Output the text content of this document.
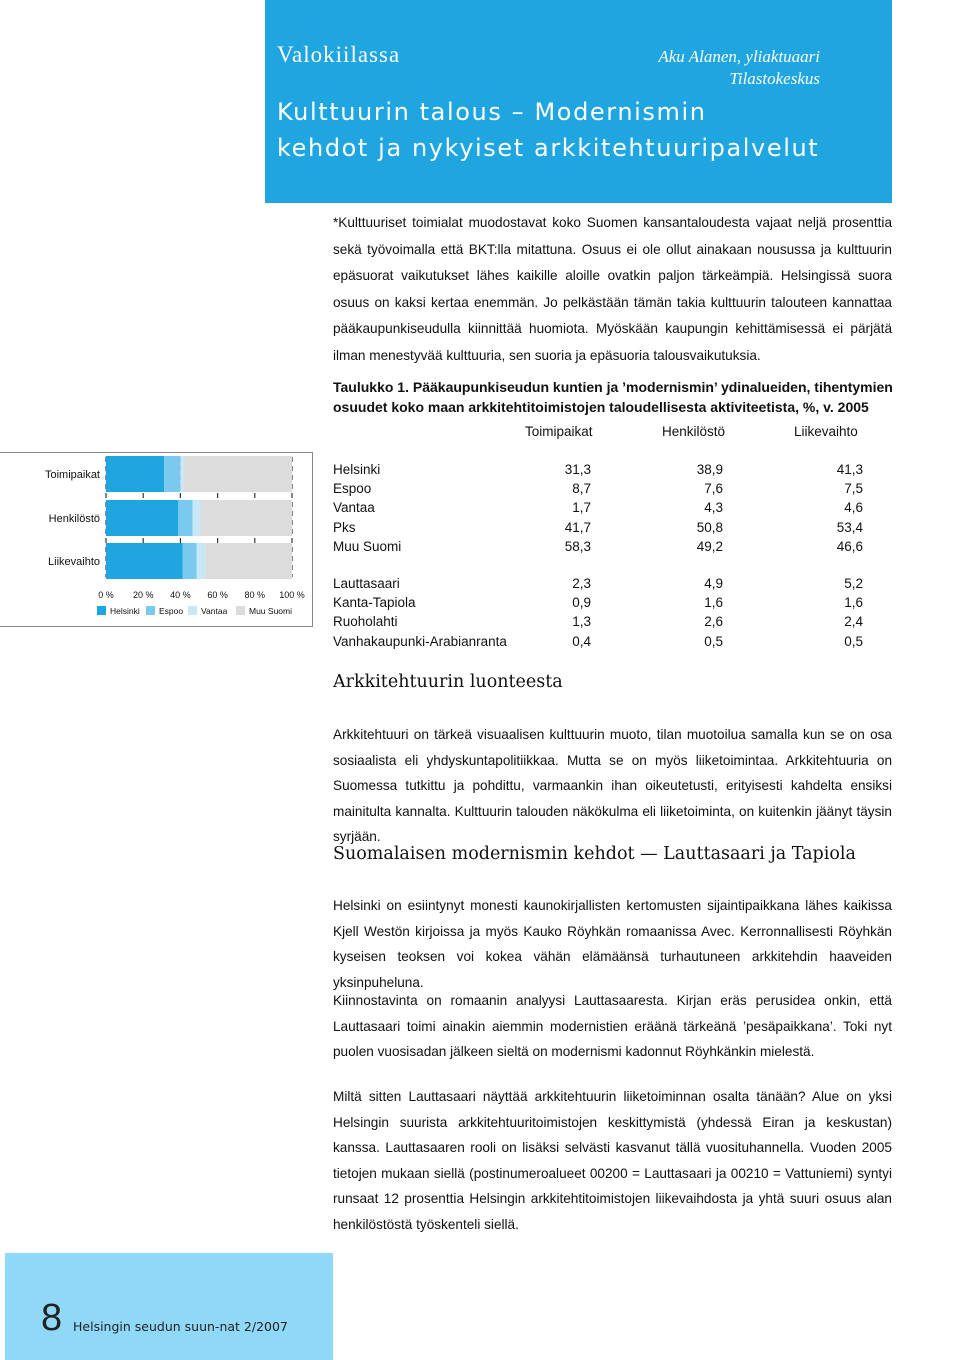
Valokiilassa	Aku Alanen, yliaktuaari
Tilastokeskus
Kulttuurin talous – Modernismin
kehdot ja nykyiset arkkitehtuuripalvelut
*Kulttuuriset toimialat muodostavat koko Suomen kansantaloudesta vajaat neljä prosenttia sekä työvoimalla että BKT:lla mitattuna. Osuus ei ole ollut ainakaan nousussa ja kulttuurin epäsuorat vaikutukset lähes kaikille aloille ovatkin paljon tärkeämpiä. Helsingissä suora osuus on kaksi kertaa enemmän. Jo pelkästään tämän takia kulttuurin talouteen kannattaa pääkaupunkiseudulla kiinnittää huomiota. Myöskään kaupungin kehittämisessä ei pärjätä ilman menestyvää kulttuuria, sen suoria ja epäsuoria talousvaikutuksia.
Taulukko 1. Pääkaupunkiseudun kuntien ja ’modernismin’ ydinalueiden, tihentymien osuudet koko maan arkkitehtitoimistojen taloudellisesta aktiviteetista, %, v. 2005
Toimipaikat	Henkilöstö	Liikevaihto
Helsinki	31,3	38,9	41,3
Espoo	8,7	7,6	7,5
Vantaa	1,7	4,3	4,6
Pks	41,7	50,8	53,4
Muu Suomi	58,3	49,2	46,6
Lauttasaari	2,3	4,9	5,2
Kanta-Tapiola	0,9	1,6	1,6
Ruoholahti	1,3	2,6	2,4
Vanhakaupunki-Arabianranta	0,4	0,5	0,5
Toimipaikat
Henkilöstö
Liikevaihto
0 % 20 % 40 % 60 % 80 % 100 %
Helsinki Espoo Vantaa	Muu Suomi
Arkkitehtuurin luonteesta
Arkkitehtuuri on tärkeä visuaalisen kulttuurin muoto, tilan muotoilua samalla kun se on osa sosiaalista eli yhdyskuntapolitiikkaa. Mutta se on myös liiketoimintaa. Arkkitehtuuria on Suomessa tutkittu ja pohdittu, varmaankin ihan oikeutetusti, erityisesti kahdelta ensiksi mainitulta kannalta. Kulttuurin talouden näkökulma eli liiketoiminta, on kuitenkin jäänyt täysin syrjään.
Suomalaisen modernismin kehdot — Lauttasaari ja Tapiola
Helsinki on esiintynyt monesti kaunokirjallisten kertomusten sijaintipaikkana lähes kaikissa Kjell Westön kirjoissa ja myös Kauko Röyhkän romaanissa Avec. Kerronnallisesti Röyhkän kyseisen teoksen voi kokea vähän elämäänsä turhautuneen arkkitehdin haaveiden yksinpuheluna.
Kiinnostavinta on romaanin analyysi Lauttasaaresta. Kirjan eräs perusidea onkin, että Lauttasaari toimi ainakin aiemmin modernistien eräänä tärkeänä ’pesäpaikkana’. Toki nyt puolen vuosisadan jälkeen sieltä on modernismi kadonnut Röyhkänkin mielestä.
Miltä sitten Lauttasaari näyttää arkkitehtuurin liiketoiminnan osalta tänään? Alue on yksi Helsingin suurista arkkitehtuuritoimistojen keskittymistä (yhdessä Eiran ja keskustan) kanssa. Lauttasaaren rooli on lisäksi selvästi kasvanut tällä vuosituhannella. Vuoden 2005 tietojen mukaan siellä (postinumeroalueet 00200 = Lauttasaari ja 00210 = Vattuniemi) syntyi runsaat 12 prosenttia Helsingin arkkitehtitoimistojen liikevaihdosta ja yhtä suuri osuus alan henkilöstöstä työskenteli siellä.
8 Helsingin seudun suun-nat 2/2007
